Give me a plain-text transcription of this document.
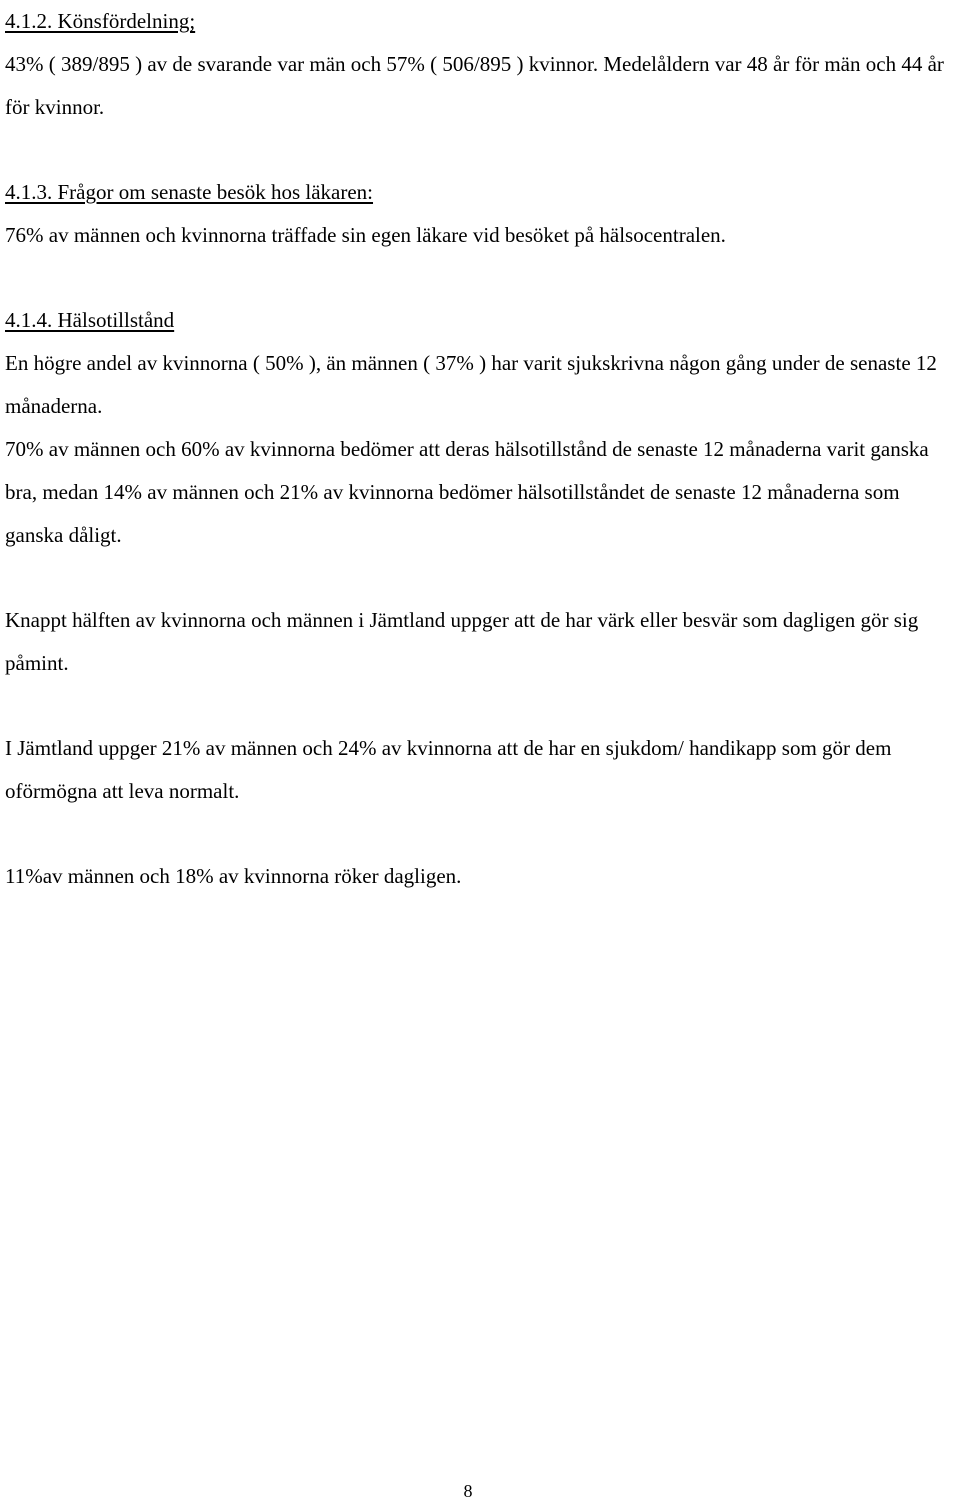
4.1.2. Könsfördelning;

43% ( 389/895 ) av de svarande var män och 57% ( 506/895 ) kvinnor. Medelåldern var 48 år för män och 44 år för kvinnor.

4.1.3. Frågor om senaste besök hos läkaren:

76% av männen och kvinnorna träffade sin egen läkare vid besöket på hälsocentralen.

4.1.4. Hälsotillstånd

En högre andel av kvinnorna ( 50% ), än männen ( 37% ) har varit sjukskrivna någon gång under de senaste 12 månaderna.

70% av männen och 60% av kvinnorna bedömer att deras hälsotillstånd de senaste 12 månaderna varit ganska bra, medan 14% av männen och 21% av kvinnorna bedömer hälsotillståndet de senaste 12 månaderna som ganska dåligt.

Knappt hälften av kvinnorna och männen i Jämtland uppger att de har värk eller besvär som dagligen gör sig påmint.

I Jämtland uppger 21% av männen och 24% av kvinnorna att de har en sjukdom/ handikapp som gör dem oförmögna att leva normalt.

11%av männen och 18% av kvinnorna röker dagligen.

8
